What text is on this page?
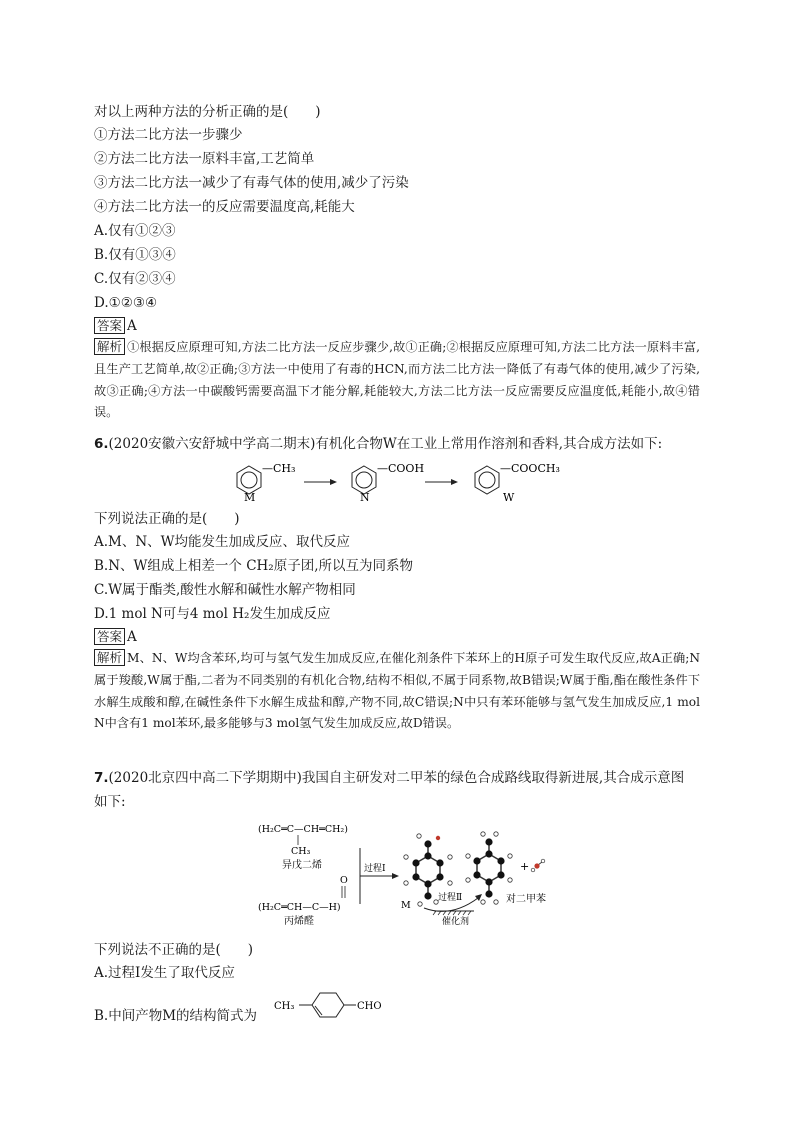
对以上两种方法的分析正确的是(　　)
①方法二比方法一步骤少
②方法二比方法一原料丰富,工艺简单
③方法二比方法一减少了有毒气体的使用,减少了污染
④方法二比方法一的反应需要温度高,耗能大
A.仅有①②③
B.仅有①③④
C.仅有②③④
D.①②③④
答案 A
解析 ①根据反应原理可知,方法二比方法一反应步骤少,故①正确;②根据反应原理可知,方法二比方法一原料丰富,且生产工艺简单,故②正确;③方法一中使用了有毒的HCN,而方法二比方法一降低了有毒气体的使用,减少了污染,故③正确;④方法一中碳酸钙需要高温下才能分解,耗能较大,方法二比方法一反应需要反应温度低,耗能小,故④错误。
6.(2020安徽六安舒城中学高二期末)有机化合物W在工业上常用作溶剂和香料,其合成方法如下:
—CH₃
M
—COOH
N
—COOCH₃
W
下列说法正确的是(　　)
A.M、N、W均能发生加成反应、取代反应
B.N、W组成上相差一个 CH₂原子团,所以互为同系物
C.W属于酯类,酸性水解和碱性水解产物相同
D.1 mol N可与4 mol H₂发生加成反应
答案 A
解析 M、N、W均含苯环,均可与氢气发生加成反应,在催化剂条件下苯环上的H原子可发生取代反应,故A正确;N属于羧酸,W属于酯,二者为不同类别的有机化合物,结构不相似,不属于同系物,故B错误;W属于酯,酯在酸性条件下水解生成酸和醇,在碱性条件下水解生成盐和醇,产物不同,故C错误;N中只有苯环能够与氢气发生加成反应,1 mol N中含有1 mol苯环,最多能够与3 mol氢气发生加成反应,故D错误。
7.(2020北京四中高二下学期期中)我国自主研发对二甲苯的绿色合成路线取得新进展,其合成示意图
如下:
(H₂C═C—CH═CH₂)
CH₃
异戊二烯
O
(H₂C═CH—C—H)
丙烯醛
过程Ⅰ
M
过程Ⅱ
催化剂
对二甲苯
+
下列说法不正确的是(　　)
A.过程Ⅰ发生了取代反应
B.中间产物M的结构简式为
CH₃	CHO
